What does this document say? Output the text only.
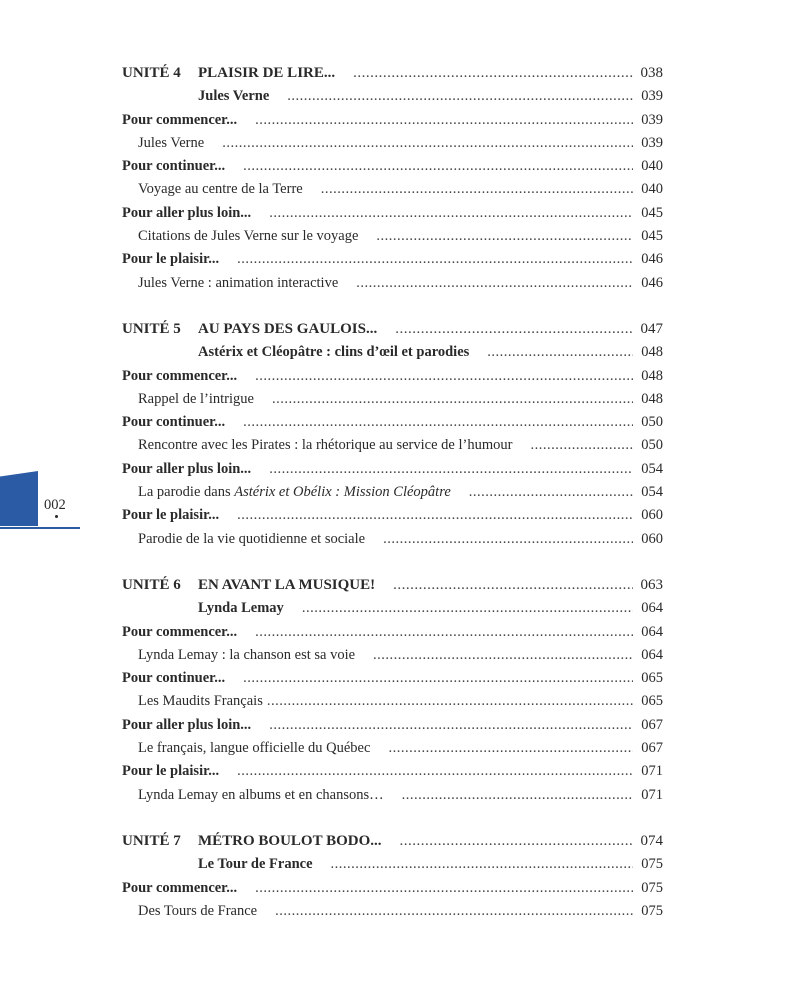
UNITÉ 4 PLAISIR DE LIRE... .....	038
Jules Verne .....	039
Pour commencer... .....	039
Jules Verne .....	039
Pour continuer... .....	040
Voyage au centre de la Terre .....	040
Pour aller plus loin... .....	045
Citations de Jules Verne sur le voyage .....	045
Pour le plaisir... .....	046
Jules Verne : animation interactive .....	046
UNITÉ 5 AU PAYS DES GAULOIS... .....	047
Astérix et Cléopâtre : clins d’œil et parodies .....	048
Pour commencer... .....	048
Rappel de l’intrigue .....	048
Pour continuer... .....	050
Rencontre avec les Pirates : la rhétorique au service de l’humour .....	050
Pour aller plus loin... .....	054
La parodie dans Astérix et Obélix : Mission Cléopâtre .....	054
Pour le plaisir... .....	060
Parodie de la vie quotidienne et sociale .....	060
UNITÉ 6 EN AVANT LA MUSIQUE! .....	063
Lynda Lemay .....	064
Pour commencer... .....	064
Lynda Lemay : la chanson est sa voie .....	064
Pour continuer... .....	065
Les Maudits Français .....	065
Pour aller plus loin... .....	067
Le français, langue officielle du Québec .....	067
Pour le plaisir... .....	071
Lynda Lemay en albums et en chansons… .....	071
UNITÉ 7 MÉTRO BOULOT BODO... .....	074
Le Tour de France .....	075
Pour commencer... .....	075
Des Tours de France .....	075
002
